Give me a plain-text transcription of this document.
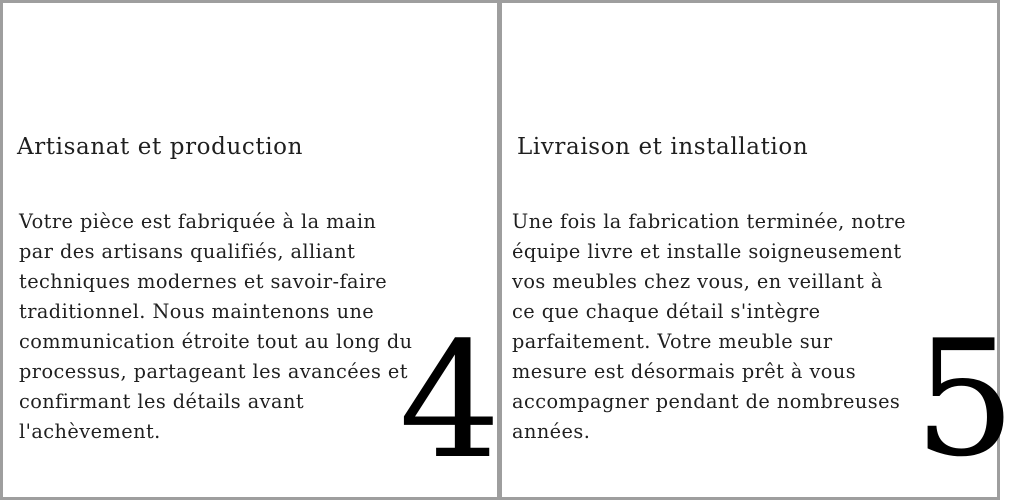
Artisanat et production
Votre pièce est fabriquée à la main par des artisans qualifiés, alliant techniques modernes et savoir-faire traditionnel. Nous maintenons une communication étroite tout au long du processus, partageant les avancées et confirmant les détails avant l'achèvement.	4
Livraison et installation
Une fois la fabrication terminée, notre équipe livre et installe soigneusement vos meubles chez vous, en veillant à ce que chaque détail s'intègre parfaitement. Votre meuble sur mesure est désormais prêt à vous accompagner pendant de nombreuses années.	5
